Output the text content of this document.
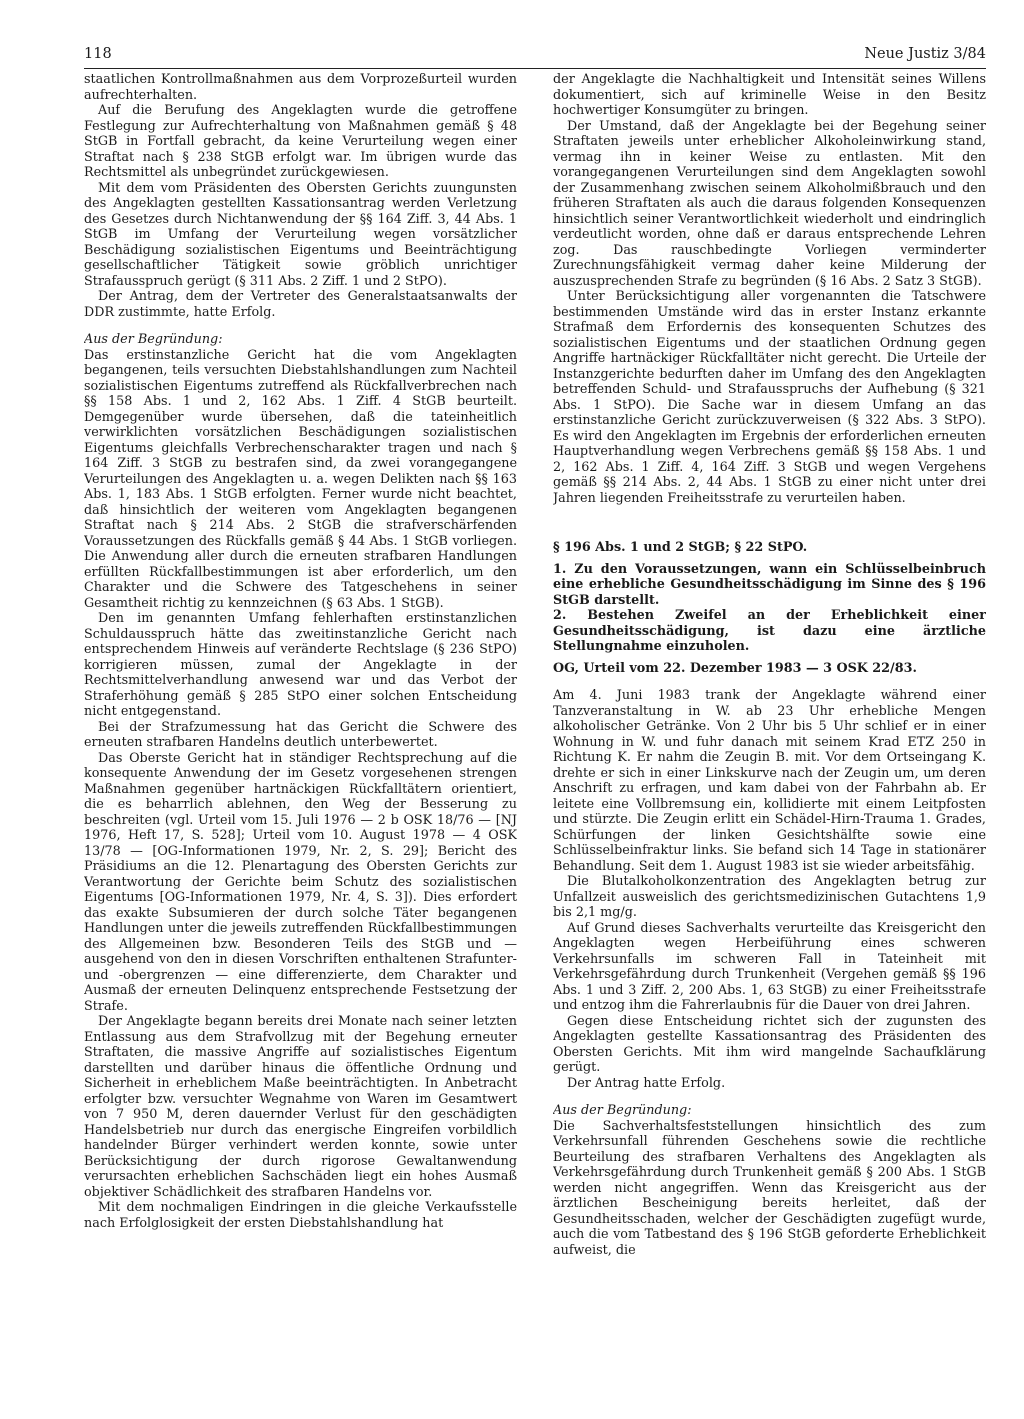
118	Neue Justiz 3/84

staatlichen Kontrollmaßnahmen aus dem Vorprozeßurteil wurden aufrechterhalten.

Auf die Berufung des Angeklagten wurde die getroffene Festlegung zur Aufrechterhaltung von Maßnahmen gemäß § 48 StGB in Fortfall gebracht, da keine Verurteilung wegen einer Straftat nach § 238 StGB erfolgt war. Im übrigen wurde das Rechtsmittel als unbegründet zurückgewiesen.

Mit dem vom Präsidenten des Obersten Gerichts zuungunsten des Angeklagten gestellten Kassationsantrag werden Verletzung des Gesetzes durch Nichtanwendung der §§ 164 Ziff. 3, 44 Abs. 1 StGB im Umfang der Verurteilung wegen vorsätzlicher Beschädigung sozialistischen Eigentums und Beeinträchtigung gesellschaftlicher Tätigkeit sowie gröblich unrichtiger Strafausspruch gerügt (§ 311 Abs. 2 Ziff. 1 und 2 StPO).

Der Antrag, dem der Vertreter des Generalstaatsanwalts der DDR zustimmte, hatte Erfolg.

Aus der Begründung:

Das erstinstanzliche Gericht hat die vom Angeklagten begangenen, teils versuchten Diebstahlshandlungen zum Nachteil sozialistischen Eigentums zutreffend als Rückfallverbrechen nach §§ 158 Abs. 1 und 2, 162 Abs. 1 Ziff. 4 StGB beurteilt. Demgegenüber wurde übersehen, daß die tateinheitlich verwirklichten vorsätzlichen Beschädigungen sozialistischen Eigentums gleichfalls Verbrechenscharakter tragen und nach § 164 Ziff. 3 StGB zu bestrafen sind, da zwei vorangegangene Verurteilungen des Angeklagten u. a. wegen Delikten nach §§ 163 Abs. 1, 183 Abs. 1 StGB erfolgten. Ferner wurde nicht beachtet, daß hinsichtlich der weiteren vom Angeklagten begangenen Straftat nach § 214 Abs. 2 StGB die strafverschärfenden Voraussetzungen des Rückfalls gemäß § 44 Abs. 1 StGB vorliegen. Die Anwendung aller durch die erneuten strafbaren Handlungen erfüllten Rückfallbestimmungen ist aber erforderlich, um den Charakter und die Schwere des Tatgeschehens in seiner Gesamtheit richtig zu kennzeichnen (§ 63 Abs. 1 StGB).

Den im genannten Umfang fehlerhaften erstinstanzlichen Schuldausspruch hätte das zweitinstanzliche Gericht nach entsprechendem Hinweis auf veränderte Rechtslage (§ 236 StPO) korrigieren müssen, zumal der Angeklagte in der Rechtsmittelverhandlung anwesend war und das Verbot der Straferhöhung gemäß § 285 StPO einer solchen Entscheidung nicht entgegenstand.

Bei der Strafzumessung hat das Gericht die Schwere des erneuten strafbaren Handelns deutlich unterbewertet.

Das Oberste Gericht hat in ständiger Rechtsprechung auf die konsequente Anwendung der im Gesetz vorgesehenen strengen Maßnahmen gegenüber hartnäckigen Rückfalltätern orientiert, die es beharrlich ablehnen, den Weg der Besserung zu beschreiten (vgl. Urteil vom 15. Juli 1976 — 2 b OSK 18/76 — [NJ 1976, Heft 17, S. 528]; Urteil vom 10. August 1978 — 4 OSK 13/78 — [OG-Informationen 1979, Nr. 2, S. 29]; Bericht des Präsidiums an die 12. Plenartagung des Obersten Gerichts zur Verantwortung der Gerichte beim Schutz des sozialistischen Eigentums [OG-Informationen 1979, Nr. 4, S. 3]). Dies erfordert das exakte Subsumieren der durch solche Täter begangenen Handlungen unter die jeweils zutreffenden Rückfallbestimmungen des Allgemeinen bzw. Besonderen Teils des StGB und — ausgehend von den in diesen Vorschriften enthaltenen Strafunter- und -obergrenzen — eine differenzierte, dem Charakter und Ausmaß der erneuten Delinquenz entsprechende Festsetzung der Strafe.

Der Angeklagte begann bereits drei Monate nach seiner letzten Entlassung aus dem Strafvollzug mit der Begehung erneuter Straftaten, die massive Angriffe auf sozialistisches Eigentum darstellten und darüber hinaus die öffentliche Ordnung und Sicherheit in erheblichem Maße beeinträchtigten. In Anbetracht erfolgter bzw. versuchter Wegnahme von Waren im Gesamtwert von 7 950 M, deren dauernder Verlust für den geschädigten Handelsbetrieb nur durch das energische Eingreifen vorbildlich handelnder Bürger verhindert werden konnte, sowie unter Berücksichtigung der durch rigorose Gewaltanwendung verursachten erheblichen Sachschäden liegt ein hohes Ausmaß objektiver Schädlichkeit des strafbaren Handelns vor.

Mit dem nochmaligen Eindringen in die gleiche Verkaufsstelle nach Erfolglosigkeit der ersten Diebstahlshandlung hat

der Angeklagte die Nachhaltigkeit und Intensität seines Willens dokumentiert, sich auf kriminelle Weise in den Besitz hochwertiger Konsumgüter zu bringen.

Der Umstand, daß der Angeklagte bei der Begehung seiner Straftaten jeweils unter erheblicher Alkoholeinwirkung stand, vermag ihn in keiner Weise zu entlasten. Mit den vorangegangenen Verurteilungen sind dem Angeklagten sowohl der Zusammenhang zwischen seinem Alkoholmißbrauch und den früheren Straftaten als auch die daraus folgenden Konsequenzen hinsichtlich seiner Verantwortlichkeit wiederholt und eindringlich verdeutlicht worden, ohne daß er daraus entsprechende Lehren zog. Das rauschbedingte Vorliegen verminderter Zurechnungsfähigkeit vermag daher keine Milderung der auszusprechenden Strafe zu begründen (§ 16 Abs. 2 Satz 3 StGB).

Unter Berücksichtigung aller vorgenannten die Tatschwere bestimmenden Umstände wird das in erster Instanz erkannte Strafmaß dem Erfordernis des konsequenten Schutzes des sozialistischen Eigentums und der staatlichen Ordnung gegen Angriffe hartnäckiger Rückfalltäter nicht gerecht. Die Urteile der Instanzgerichte bedurften daher im Umfang des den Angeklagten betreffenden Schuld- und Strafausspruchs der Aufhebung (§ 321 Abs. 1 StPO). Die Sache war in diesem Umfang an das erstinstanzliche Gericht zurückzuverweisen (§ 322 Abs. 3 StPO). Es wird den Angeklagten im Ergebnis der erforderlichen erneuten Hauptverhandlung wegen Verbrechens gemäß §§ 158 Abs. 1 und 2, 162 Abs. 1 Ziff. 4, 164 Ziff. 3 StGB und wegen Vergehens gemäß §§ 214 Abs. 2, 44 Abs. 1 StGB zu einer nicht unter drei Jahren liegenden Freiheitsstrafe zu verurteilen haben.

§ 196 Abs. 1 und 2 StGB; § 22 StPO.

1. Zu den Voraussetzungen, wann ein Schlüsselbeinbruch eine erhebliche Gesundheitsschädigung im Sinne des § 196 StGB darstellt.

2. Bestehen Zweifel an der Erheblichkeit einer Gesundheitsschädigung, ist dazu eine ärztliche Stellungnahme einzuholen.

OG, Urteil vom 22. Dezember 1983 — 3 OSK 22/83.

Am 4. Juni 1983 trank der Angeklagte während einer Tanzveranstaltung in W. ab 23 Uhr erhebliche Mengen alkoholischer Getränke. Von 2 Uhr bis 5 Uhr schlief er in einer Wohnung in W. und fuhr danach mit seinem Krad ETZ 250 in Richtung K. Er nahm die Zeugin B. mit. Vor dem Ortseingang K. drehte er sich in einer Linkskurve nach der Zeugin um, um deren Anschrift zu erfragen, und kam dabei von der Fahrbahn ab. Er leitete eine Vollbremsung ein, kollidierte mit einem Leitpfosten und stürzte. Die Zeugin erlitt ein Schädel-Hirn-Trauma 1. Grades, Schürfungen der linken Gesichtshälfte sowie eine Schlüsselbeinfraktur links. Sie befand sich 14 Tage in stationärer Behandlung. Seit dem 1. August 1983 ist sie wieder arbeitsfähig.

Die Blutalkoholkonzentration des Angeklagten betrug zur Unfallzeit ausweislich des gerichtsmedizinischen Gutachtens 1,9 bis 2,1 mg/g.

Auf Grund dieses Sachverhalts verurteilte das Kreisgericht den Angeklagten wegen Herbeiführung eines schweren Verkehrsunfalls im schweren Fall in Tateinheit mit Verkehrsgefährdung durch Trunkenheit (Vergehen gemäß §§ 196 Abs. 1 und 3 Ziff. 2, 200 Abs. 1, 63 StGB) zu einer Freiheitsstrafe und entzog ihm die Fahrerlaubnis für die Dauer von drei Jahren.

Gegen diese Entscheidung richtet sich der zugunsten des Angeklagten gestellte Kassationsantrag des Präsidenten des Obersten Gerichts. Mit ihm wird mangelnde Sachaufklärung gerügt.

Der Antrag hatte Erfolg.

Aus der Begründung:

Die Sachverhaltsfeststellungen hinsichtlich des zum Verkehrsunfall führenden Geschehens sowie die rechtliche Beurteilung des strafbaren Verhaltens des Angeklagten als Verkehrsgefährdung durch Trunkenheit gemäß § 200 Abs. 1 StGB werden nicht angegriffen. Wenn das Kreisgericht aus der ärztlichen Bescheinigung bereits herleitet, daß der Gesundheitsschaden, welcher der Geschädigten zugefügt wurde, auch die vom Tatbestand des § 196 StGB geforderte Erheblichkeit aufweist, die
